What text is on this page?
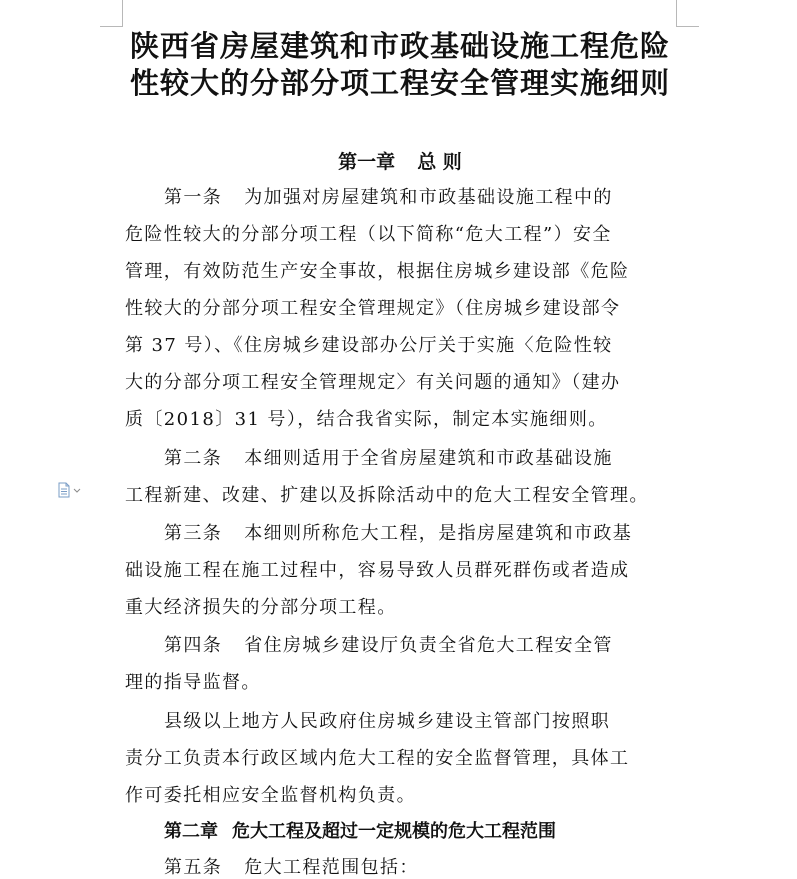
陕西省房屋建筑和市政基础设施工程危险
性较大的分部分项工程安全管理实施细则
第一章 总 则
第一条 为加强对房屋建筑和市政基础设施工程中的
危险性较大的分部分项工程（以下简称“危大工程”）安全
管理，有效防范生产安全事故，根据住房城乡建设部《危险
性较大的分部分项工程安全管理规定》（住房城乡建设部令
第 37 号）、《住房城乡建设部办公厅关于实施〈危险性较
大的分部分项工程安全管理规定〉有关问题的通知》（建办
质〔2018〕31 号），结合我省实际，制定本实施细则。
第二条 本细则适用于全省房屋建筑和市政基础设施
工程新建、改建、扩建以及拆除活动中的危大工程安全管理。
第三条 本细则所称危大工程，是指房屋建筑和市政基
础设施工程在施工过程中，容易导致人员群死群伤或者造成
重大经济损失的分部分项工程。
第四条 省住房城乡建设厅负责全省危大工程安全管
理的指导监督。
县级以上地方人民政府住房城乡建设主管部门按照职
责分工负责本行政区域内危大工程的安全监督管理，具体工
作可委托相应安全监督机构负责。
第二章 危大工程及超过一定规模的危大工程范围
第五条 危大工程范围包括：
